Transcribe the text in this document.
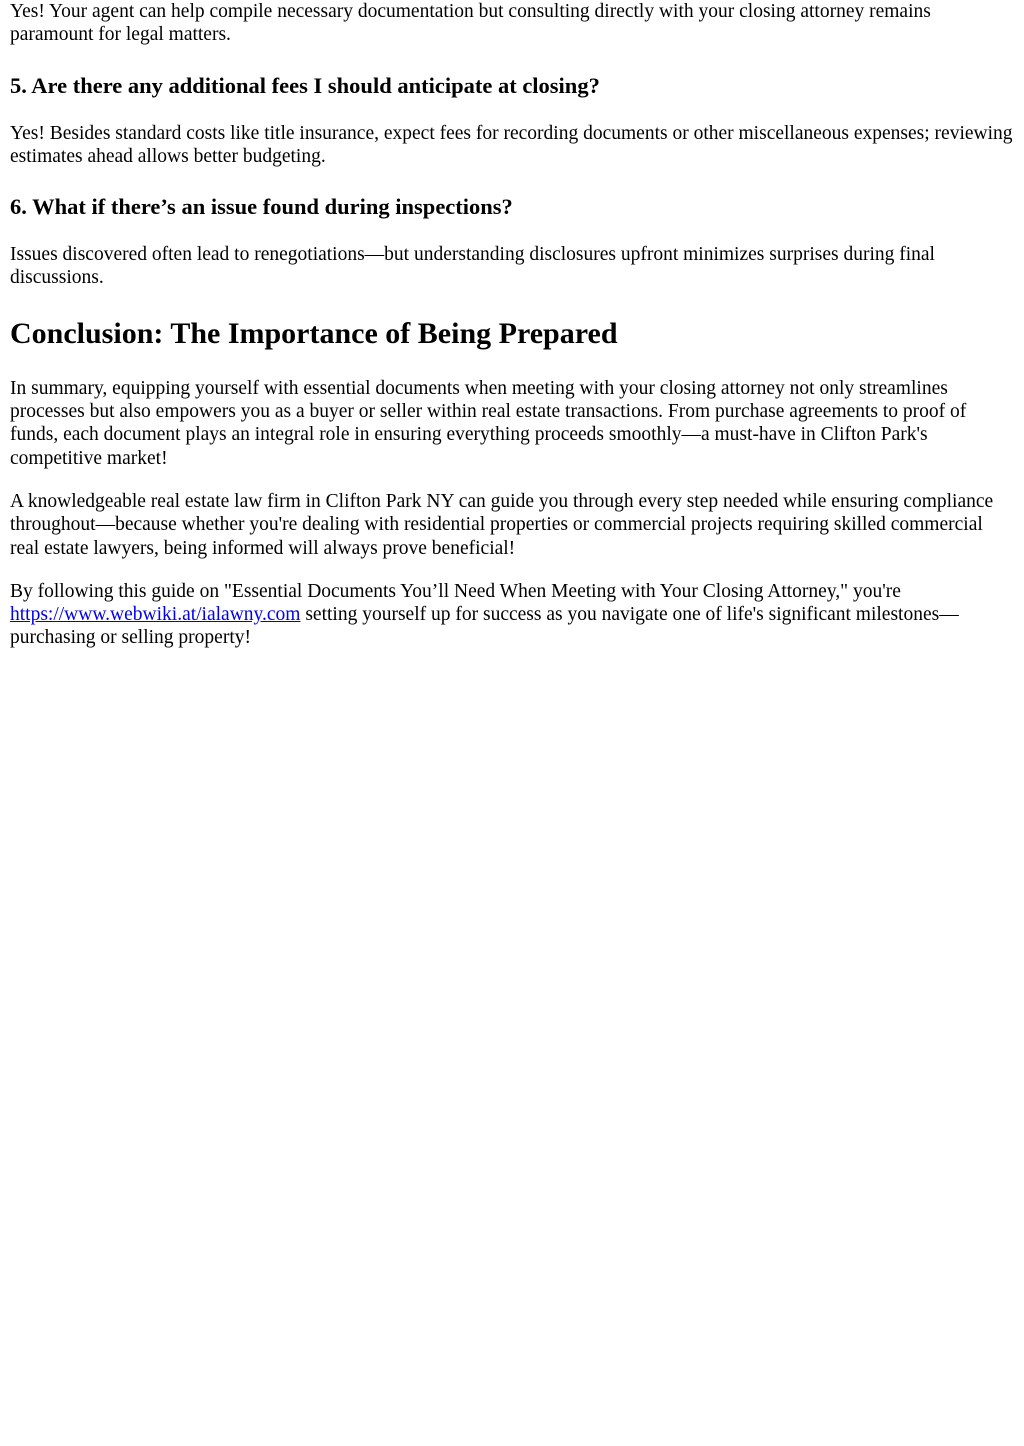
Yes! Your agent can help compile necessary documentation but consulting directly with your closing attorney remains paramount for legal matters.

5. Are there any additional fees I should anticipate at closing?

Yes! Besides standard costs like title insurance, expect fees for recording documents or other miscellaneous expenses; reviewing estimates ahead allows better budgeting.

6. What if there’s an issue found during inspections?

Issues discovered often lead to renegotiations—but understanding disclosures upfront minimizes surprises during final discussions.

Conclusion: The Importance of Being Prepared

In summary, equipping yourself with essential documents when meeting with your closing attorney not only streamlines processes but also empowers you as a buyer or seller within real estate transactions. From purchase agreements to proof of funds, each document plays an integral role in ensuring everything proceeds smoothly—a must-have in Clifton Park's competitive market!

A knowledgeable real estate law firm in Clifton Park NY can guide you through every step needed while ensuring compliance throughout—because whether you're dealing with residential properties or commercial projects requiring skilled commercial real estate lawyers, being informed will always prove beneficial!

By following this guide on "Essential Documents You’ll Need When Meeting with Your Closing Attorney," you're https://www.webwiki.at/ialawny.com setting yourself up for success as you navigate one of life's significant milestones—purchasing or selling property!
